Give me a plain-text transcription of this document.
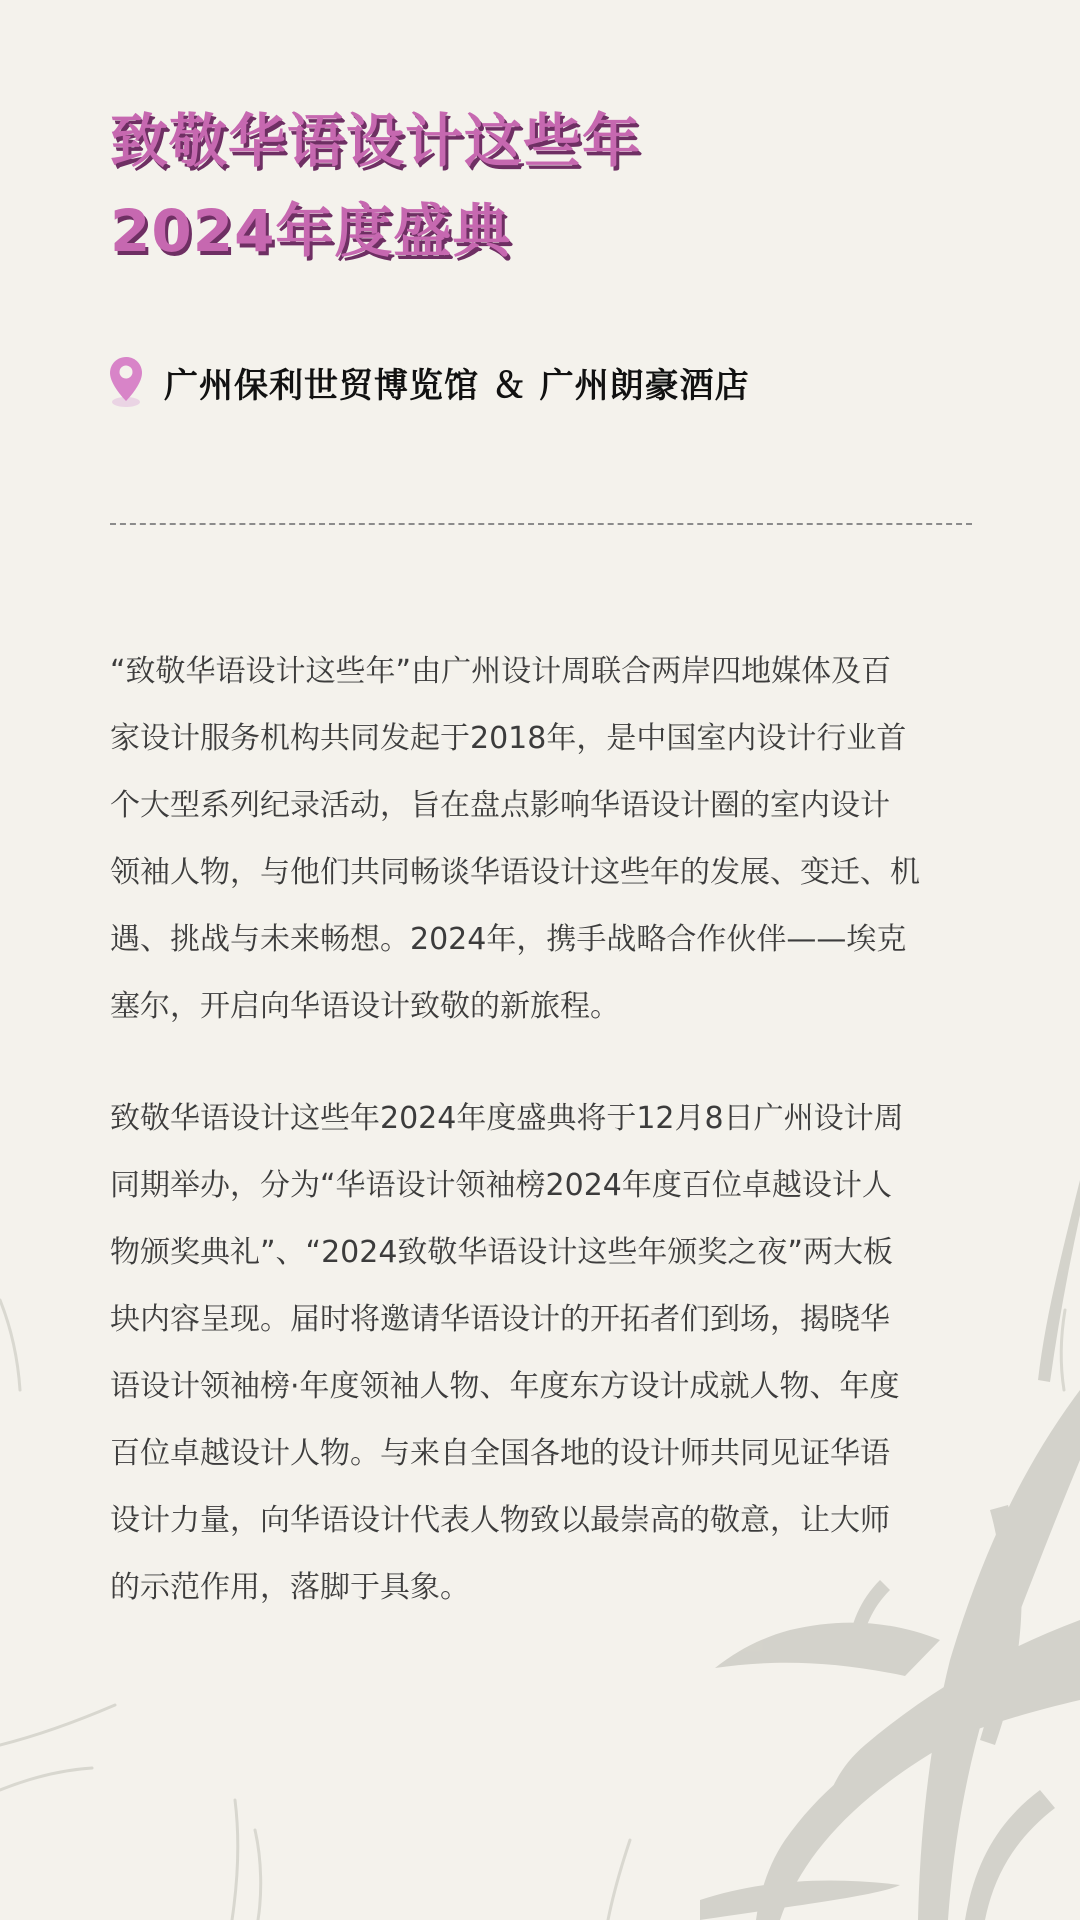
致敬华语设计这些年
2024年度盛典
广州保利世贸博览馆 ＆ 广州朗豪酒店

“致敬华语设计这些年”由广州设计周联合两岸四地媒体及百
家设计服务机构共同发起于2018年，是中国室内设计行业首
个大型系列纪录活动，旨在盘点影响华语设计圈的室内设计
领袖人物，与他们共同畅谈华语设计这些年的发展、变迁、机
遇、挑战与未来畅想。2024年，携手战略合作伙伴——埃克
塞尔，开启向华语设计致敬的新旅程。

致敬华语设计这些年2024年度盛典将于12月8日广州设计周
同期举办，分为“华语设计领袖榜2024年度百位卓越设计人
物颁奖典礼”、“2024致敬华语设计这些年颁奖之夜”两大板
块内容呈现。届时将邀请华语设计的开拓者们到场，揭晓华
语设计领袖榜·年度领袖人物、年度东方设计成就人物、年度
百位卓越设计人物。与来自全国各地的设计师共同见证华语
设计力量，向华语设计代表人物致以最崇高的敬意，让大师
的示范作用，落脚于具象。
